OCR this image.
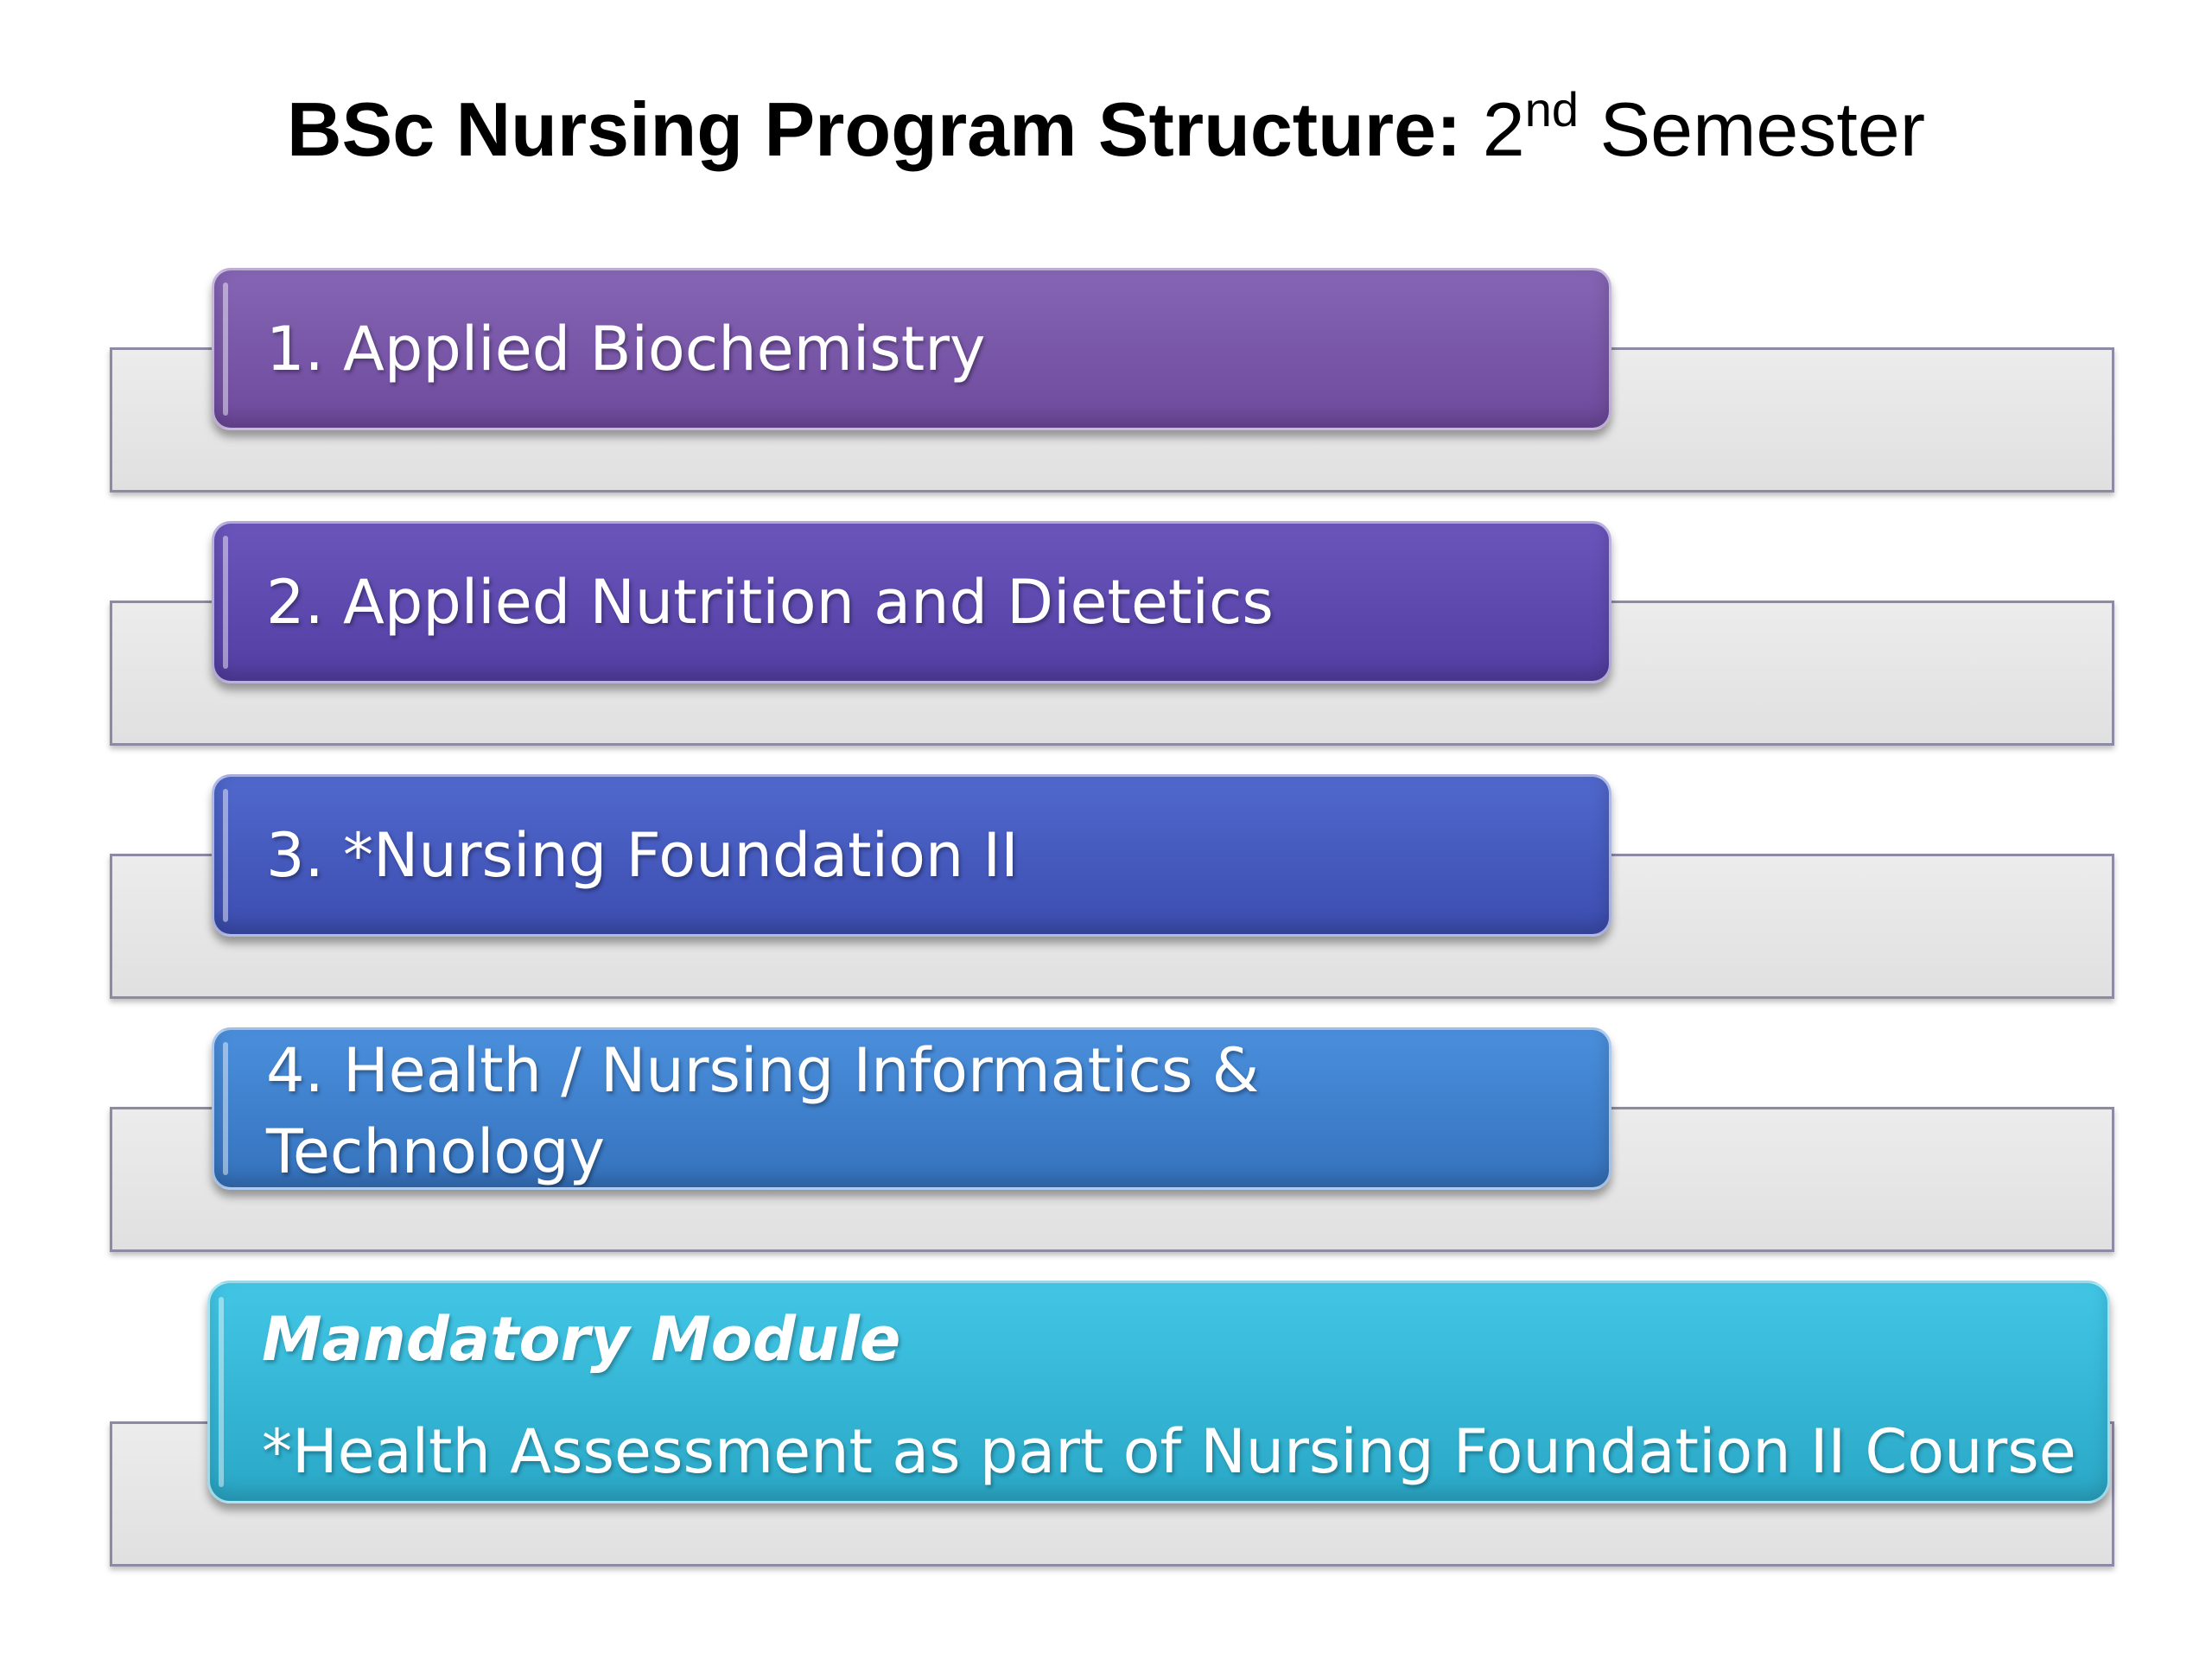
BSc Nursing Program Structure: 2nd Semester
1. Applied Biochemistry
2. Applied Nutrition and Dietetics
3. *Nursing Foundation II
4. Health / Nursing Informatics & Technology
Mandatory Module
*Health Assessment as part of Nursing Foundation II Course
